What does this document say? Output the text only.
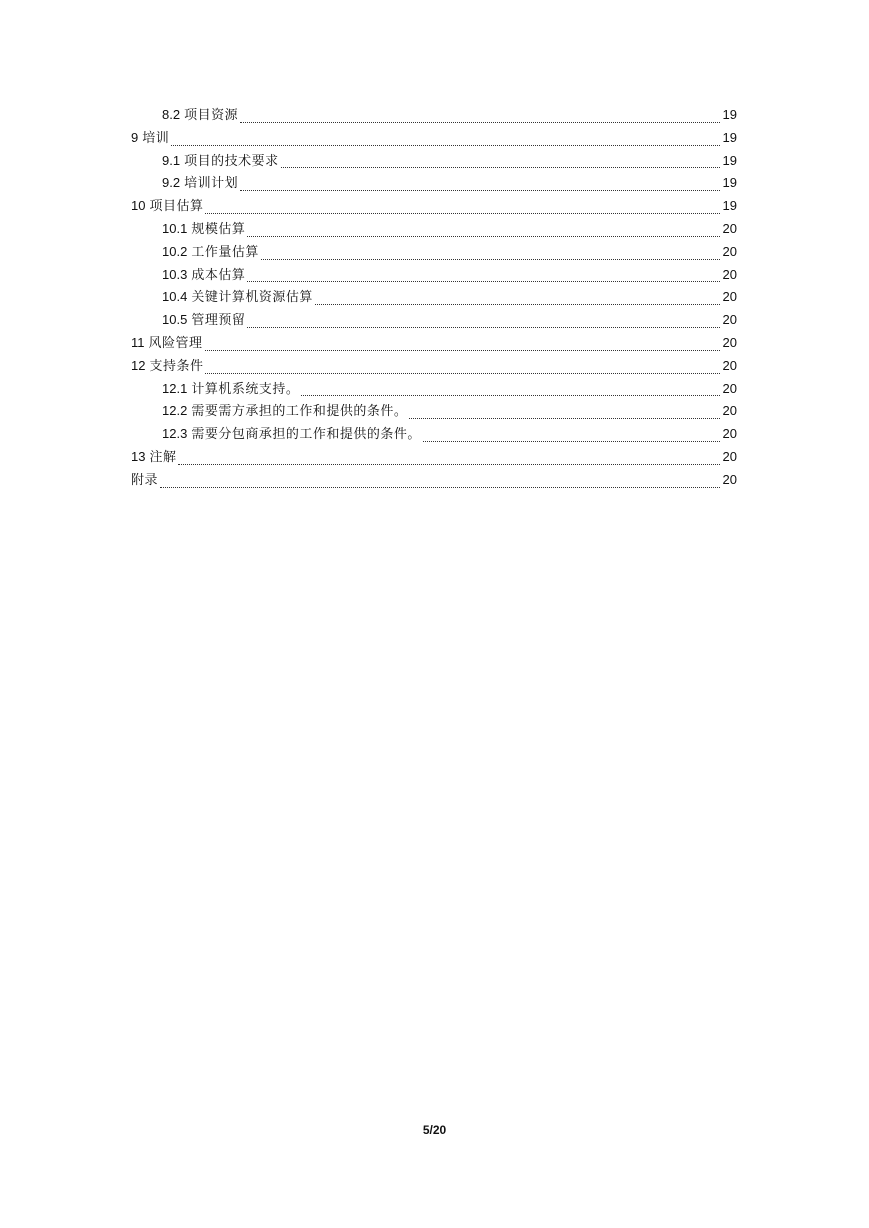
8.2 项目资源	19
9 培训	19
9.1 项目的技术要求	19
9.2 培训计划	19
10 项目估算	19
10.1 规模估算	20
10.2 工作量估算	20
10.3 成本估算	20
10.4 关键计算机资源估算	20
10.5 管理预留	20
11 风险管理	20
12 支持条件	20
12.1 计算机系统支持。	20
12.2 需要需方承担的工作和提供的条件。	20
12.3 需要分包商承担的工作和提供的条件。	20
13 注解	20
附录	20
5/20
